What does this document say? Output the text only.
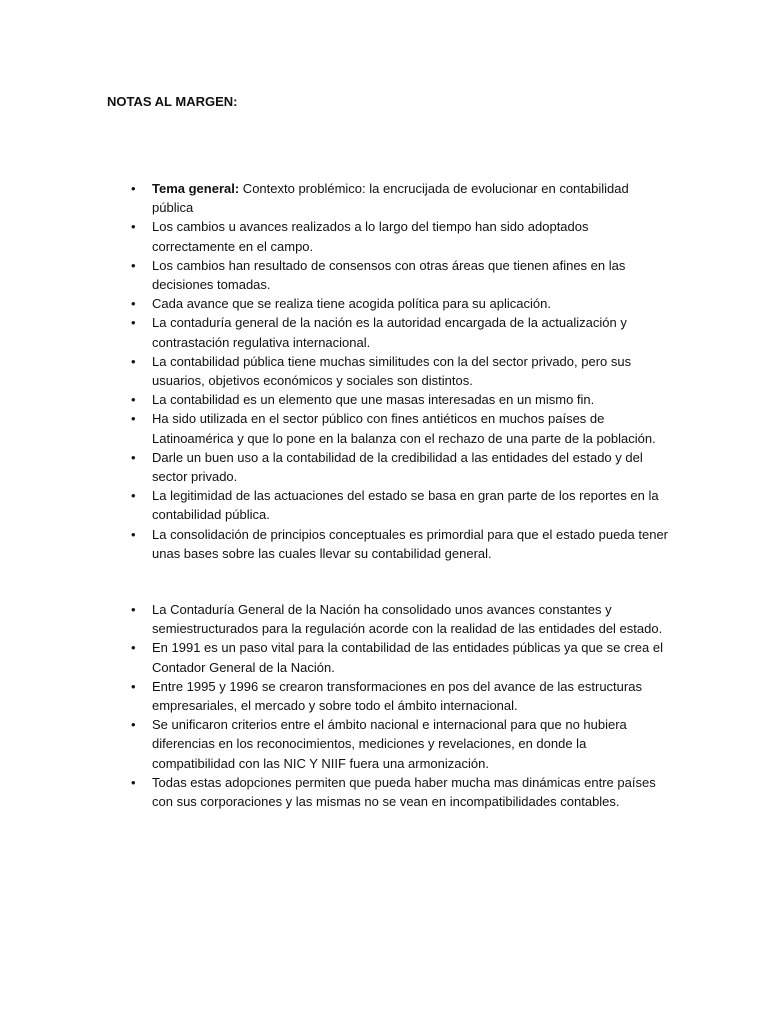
NOTAS AL MARGEN:
• Tema general: Contexto problémico: la encrucijada de evolucionar en contabilidad pública
• Los cambios u avances realizados a lo largo del tiempo han sido adoptados correctamente en el campo.
• Los cambios han resultado de consensos con otras áreas que tienen afines en las decisiones tomadas.
• Cada avance que se realiza tiene acogida política para su aplicación.
• La contaduría general de la nación es la autoridad encargada de la actualización y contrastación regulativa internacional.
• La contabilidad pública tiene muchas similitudes con la del sector privado, pero sus usuarios, objetivos económicos y sociales son distintos.
• La contabilidad es un elemento que une masas interesadas en un mismo fin.
• Ha sido utilizada en el sector público con fines antiéticos en muchos países de Latinoamérica y que lo pone en la balanza con el rechazo de una parte de la población.
• Darle un buen uso a la contabilidad de la credibilidad a las entidades del estado y del sector privado.
• La legitimidad de las actuaciones del estado se basa en gran parte de los reportes en la contabilidad pública.
• La consolidación de principios conceptuales es primordial para que el estado pueda tener unas bases sobre las cuales llevar su contabilidad general.
• La Contaduría General de la Nación ha consolidado unos avances constantes y semiestructurados para la regulación acorde con la realidad de las entidades del estado.
• En 1991 es un paso vital para la contabilidad de las entidades públicas ya que se crea el Contador General de la Nación.
• Entre 1995 y 1996 se crearon transformaciones en pos del avance de las estructuras empresariales, el mercado y sobre todo el ámbito internacional.
• Se unificaron criterios entre el ámbito nacional e internacional para que no hubiera diferencias en los reconocimientos, mediciones y revelaciones, en donde la compatibilidad con las NIC Y NIIF fuera una armonización.
• Todas estas adopciones permiten que pueda haber mucha mas dinámicas entre países con sus corporaciones y las mismas no se vean en incompatibilidades contables.
